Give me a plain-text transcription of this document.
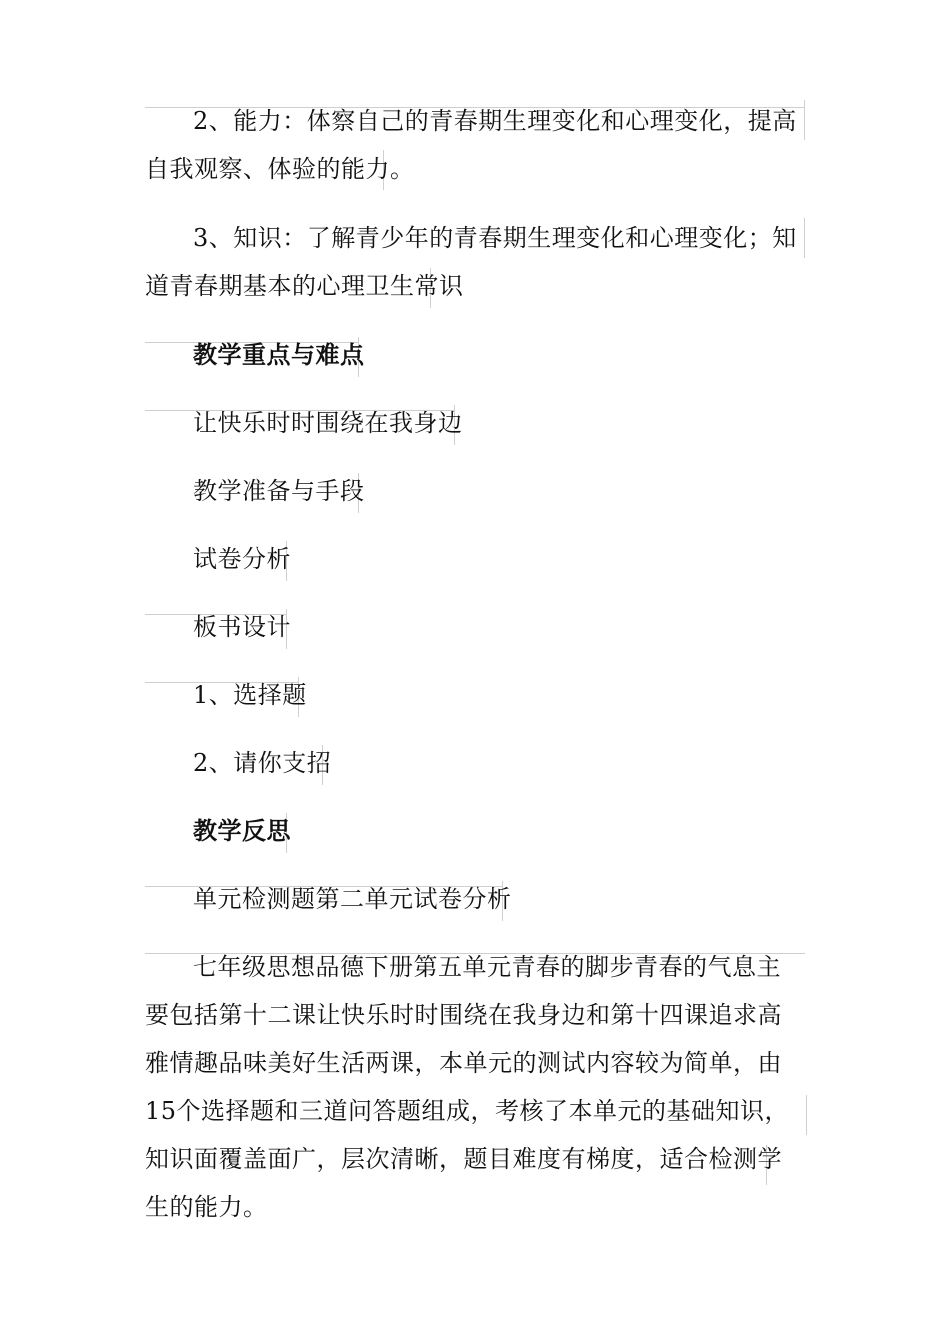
2、能力：体察自己的青春期生理变化和心理变化，提高自我观察、体验的能力。

3、知识：了解青少年的青春期生理变化和心理变化；知道青春期基本的心理卫生常识

教学重点与难点

让快乐时时围绕在我身边

教学准备与手段

试卷分析

板书设计

1、选择题

2、请你支招

教学反思

单元检测题第二单元试卷分析

七年级思想品德下册第五单元青春的脚步青春的气息主要包括第十二课让快乐时时围绕在我身边和第十四课追求高雅情趣品味美好生活两课，本单元的测试内容较为简单，由15个选择题和三道问答题组成，考核了本单元的基础知识，知识面覆盖面广，层次清晰，题目难度有梯度，适合检测学生的能力。
